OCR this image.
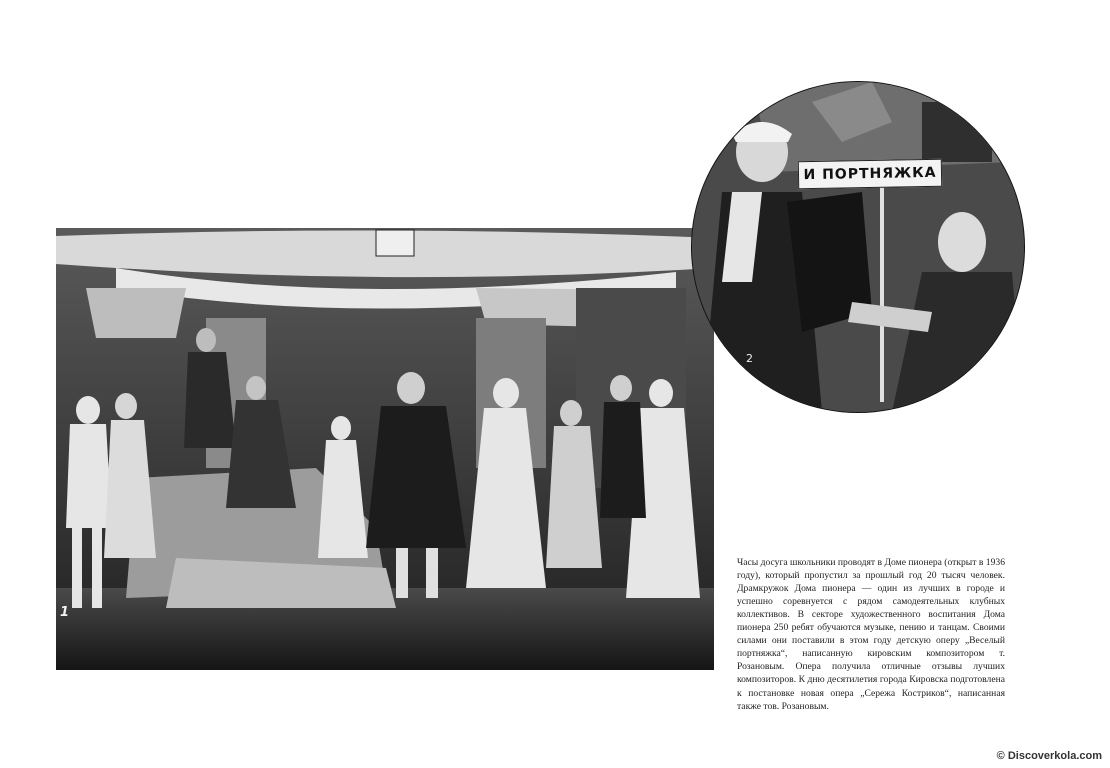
1
И ПОРТНЯЖКА
2

Часы досуга школьники проводят в Доме пионера (открыт в 1936 году), который пропустил за прошлый год 20 тысяч человек. Драмкружок Дома пионера — один из лучших в городе и успешно соревнуется с рядом самодеятельных клубных коллективов. В секторе художественного воспитания Дома пионера 250 ребят обучаются музыке, пению и танцам. Своими силами они поставили в этом году детскую оперу „Веселый портняжка“, написанную кировским композитором т. Розановым. Опера получила отличные отзывы лучших композиторов. К дню десятилетия города Кировска подготовлена к постановке новая опера „Сережа Костриков“, написанная также тов. Розановым.

© Discoverkola.com
